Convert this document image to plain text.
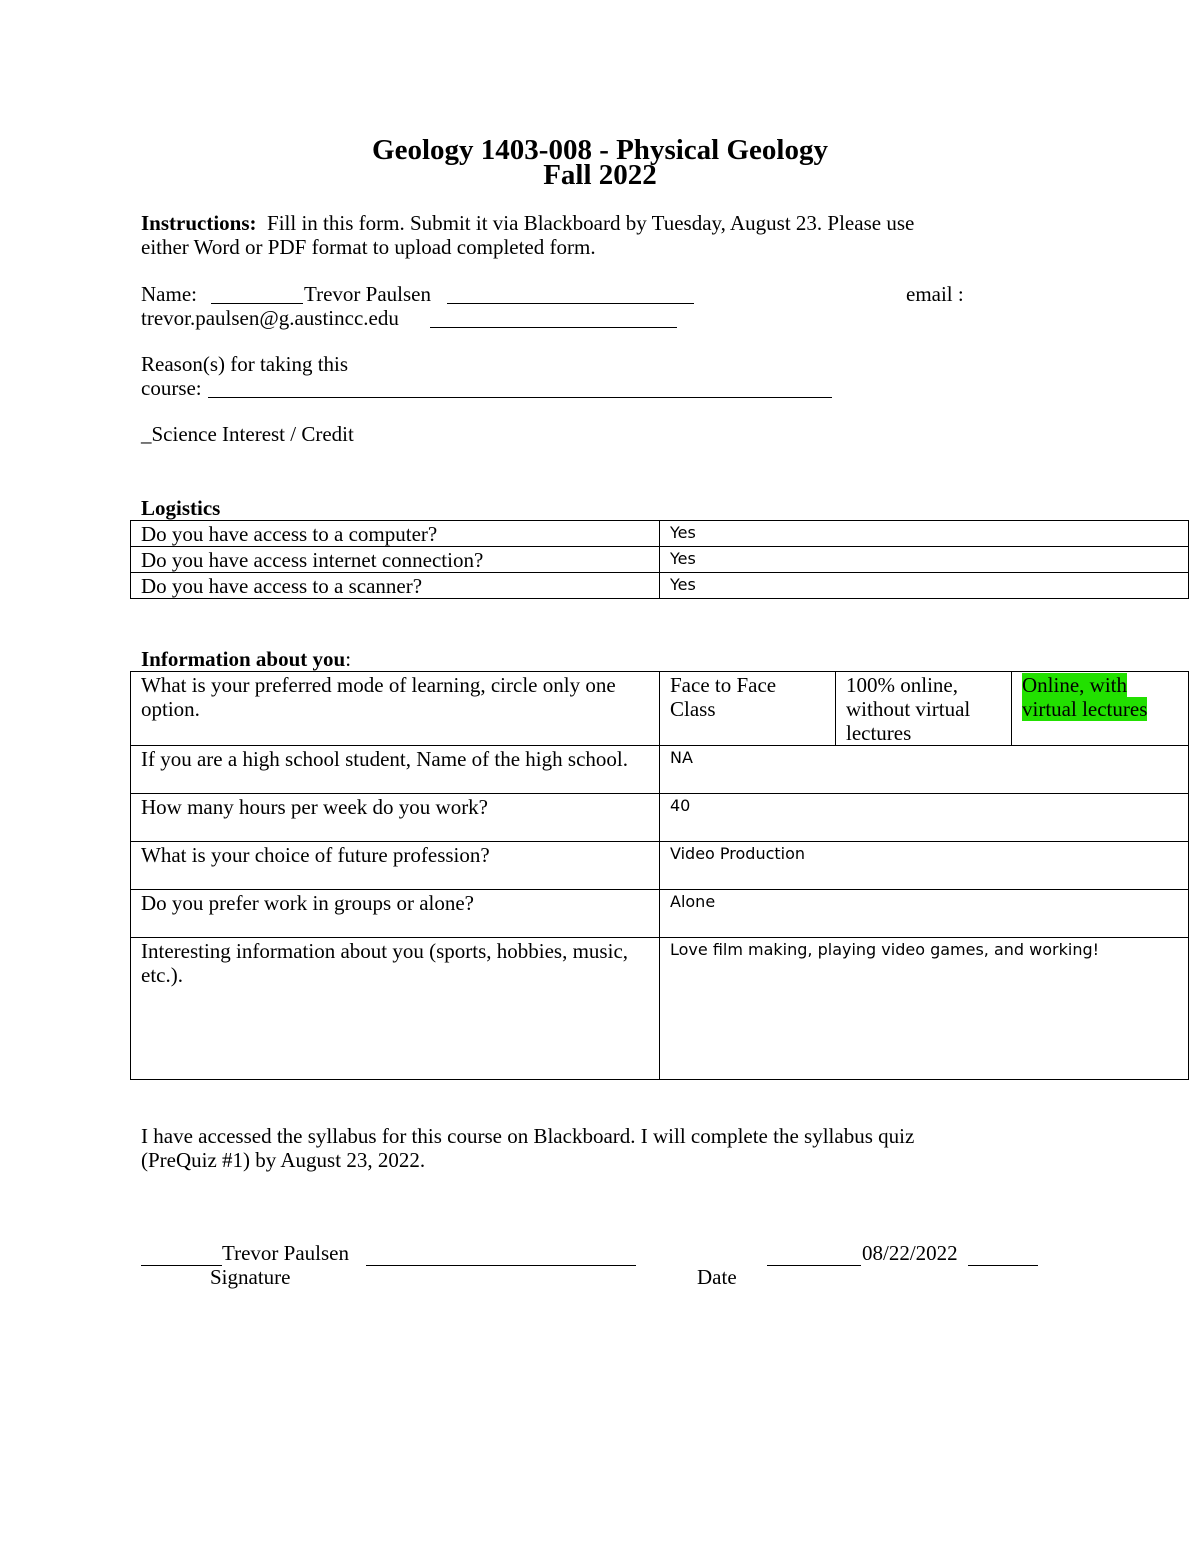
Geology 1403-008 - Physical Geology
Fall 2022
Instructions: Fill in this form. Submit it via Blackboard by Tuesday, August 23. Please use
either Word or PDF format to upload completed form.
Name:	Trevor Paulsen	email :
trevor.paulsen@g.austincc.edu
Reason(s) for taking this
course:
_Science Interest / Credit
Logistics
Do you have access to a computer?	Yes
Do you have access internet connection?	Yes
Do you have access to a scanner?	Yes
Information about you:
What is your preferred mode of learning, circle only one option.	Face to Face Class	100% online, without virtual lectures	Online, with virtual lectures
If you are a high school student, Name of the high school.	NA		
How many hours per week do you work?	40		
What is your choice of future profession?	Video Production		
Do you prefer work in groups or alone?	Alone		
Interesting information about you (sports, hobbies, music, etc.).	Love film making, playing video games, and working!		
I have accessed the syllabus for this course on Blackboard. I will complete the syllabus quiz
(PreQuiz #1) by August 23, 2022.
Trevor Paulsen
Signature
08/22/2022
Date
